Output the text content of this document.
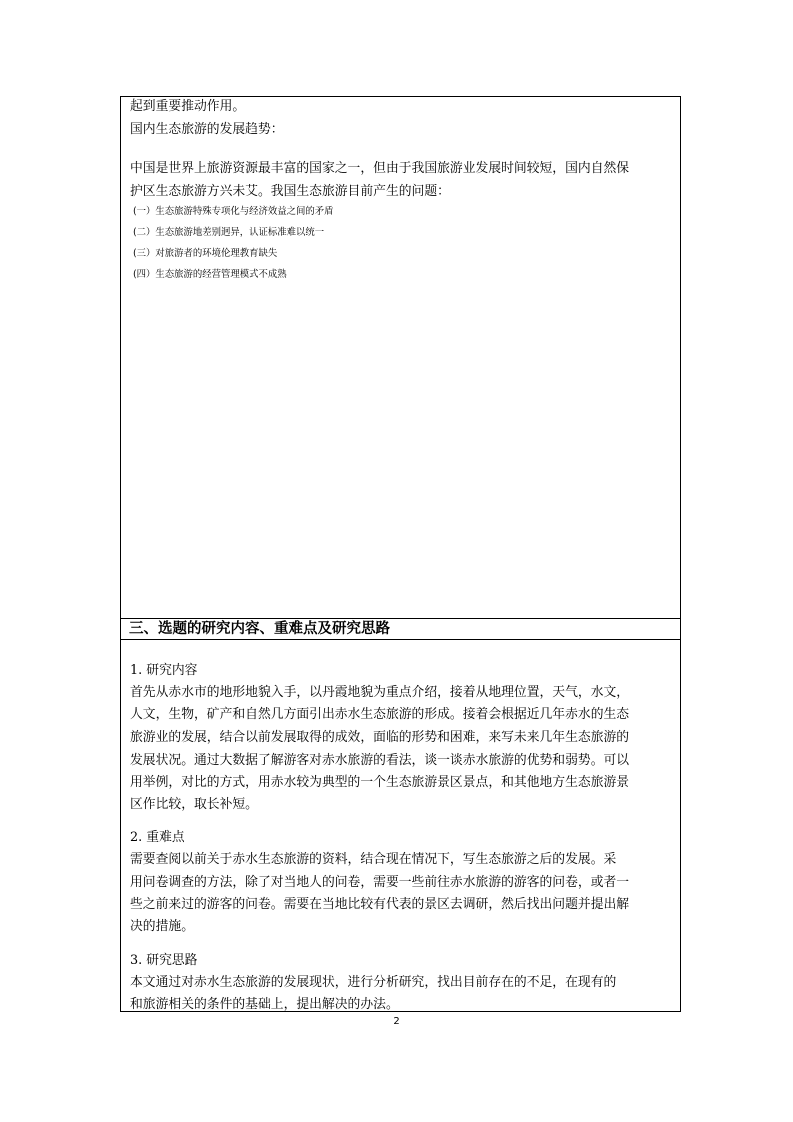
起到重要推动作用。
国内生态旅游的发展趋势：
中国是世界上旅游资源最丰富的国家之一，但由于我国旅游业发展时间较短，国内自然保
护区生态旅游方兴未艾。我国生态旅游目前产生的问题：
(一）生态旅游特殊专项化与经济效益之间的矛盾
(二）生态旅游地差别迥异，认证标准难以统一
(三）对旅游者的环境伦理教育缺失
(四）生态旅游的经营管理模式不成熟
三、选题的研究内容、重难点及研究思路
1. 研究内容
首先从赤水市的地形地貌入手，以丹霞地貌为重点介绍，接着从地理位置，天气，水文，
人文，生物，矿产和自然几方面引出赤水生态旅游的形成。接着会根据近几年赤水的生态
旅游业的发展，结合以前发展取得的成效，面临的形势和困难，来写未来几年生态旅游的
发展状况。通过大数据了解游客对赤水旅游的看法，谈一谈赤水旅游的优势和弱势。可以
用举例，对比的方式，用赤水较为典型的一个生态旅游景区景点，和其他地方生态旅游景
区作比较，取长补短。
2. 重难点
需要查阅以前关于赤水生态旅游的资料，结合现在情况下，写生态旅游之后的发展。采
用问卷调查的方法，除了对当地人的问卷，需要一些前往赤水旅游的游客的问卷，或者一
些之前来过的游客的问卷。需要在当地比较有代表的景区去调研，然后找出问题并提出解
决的措施。
3. 研究思路
本文通过对赤水生态旅游的发展现状，进行分析研究，找出目前存在的不足，在现有的
和旅游相关的条件的基础上，提出解决的办法。
2
